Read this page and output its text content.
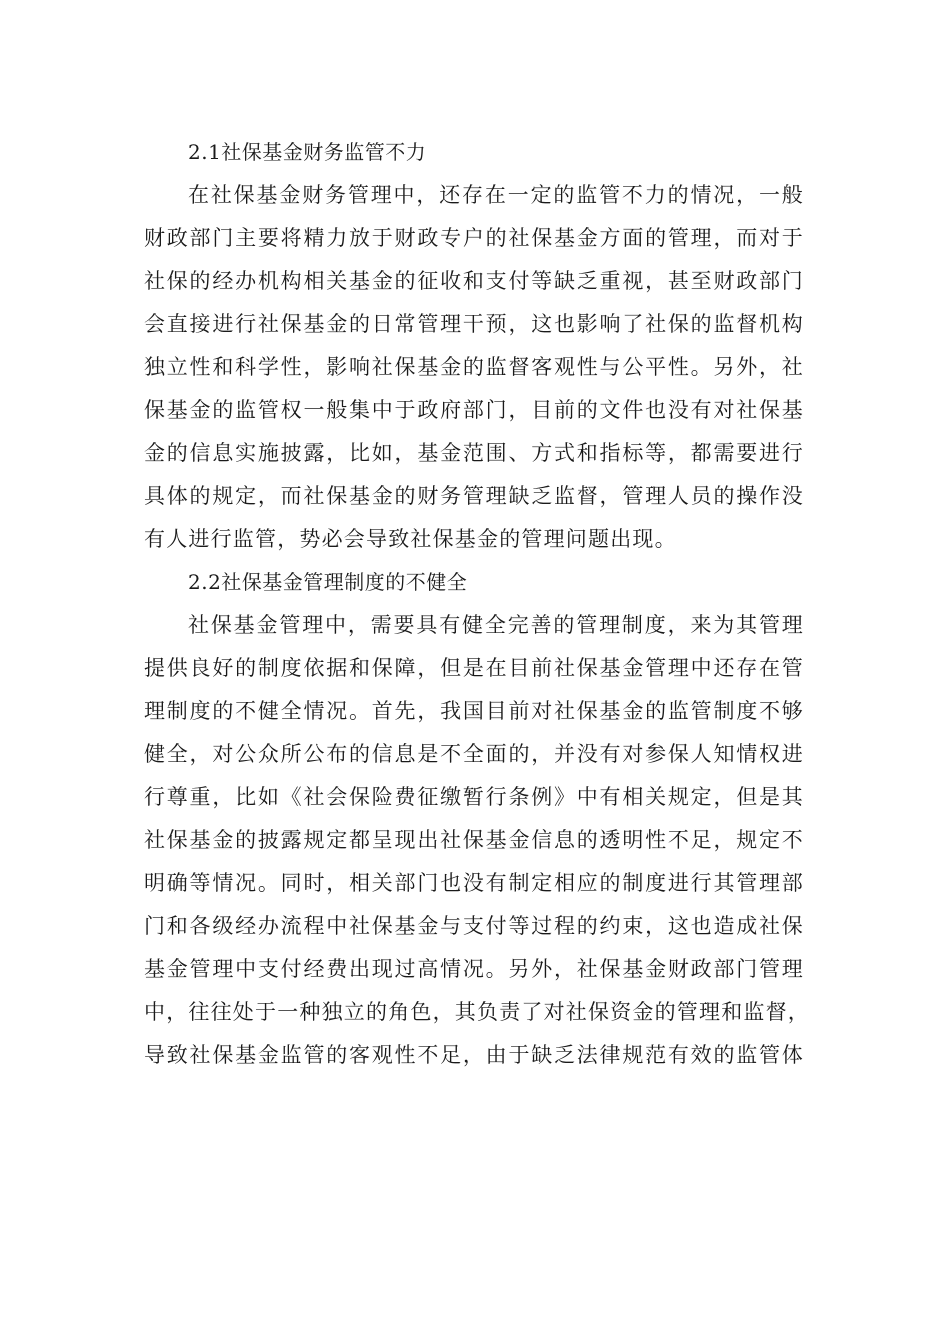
2.1社保基金财务监管不力
在社保基金财务管理中，还存在一定的监管不力的情况，一般
财政部门主要将精力放于财政专户的社保基金方面的管理，而对于
社保的经办机构相关基金的征收和支付等缺乏重视，甚至财政部门
会直接进行社保基金的日常管理干预，这也影响了社保的监督机构
独立性和科学性，影响社保基金的监督客观性与公平性。另外，社
保基金的监管权一般集中于政府部门，目前的文件也没有对社保基
金的信息实施披露，比如，基金范围、方式和指标等，都需要进行
具体的规定，而社保基金的财务管理缺乏监督，管理人员的操作没
有人进行监管，势必会导致社保基金的管理问题出现。
2.2社保基金管理制度的不健全
社保基金管理中，需要具有健全完善的管理制度，来为其管理
提供良好的制度依据和保障，但是在目前社保基金管理中还存在管
理制度的不健全情况。首先，我国目前对社保基金的监管制度不够
健全，对公众所公布的信息是不全面的，并没有对参保人知情权进
行尊重，比如《社会保险费征缴暂行条例》中有相关规定，但是其
社保基金的披露规定都呈现出社保基金信息的透明性不足，规定不
明确等情况。同时，相关部门也没有制定相应的制度进行其管理部
门和各级经办流程中社保基金与支付等过程的约束，这也造成社保
基金管理中支付经费出现过高情况。另外，社保基金财政部门管理
中，往往处于一种独立的角色，其负责了对社保资金的管理和监督，
导致社保基金监管的客观性不足，由于缺乏法律规范有效的监管体
